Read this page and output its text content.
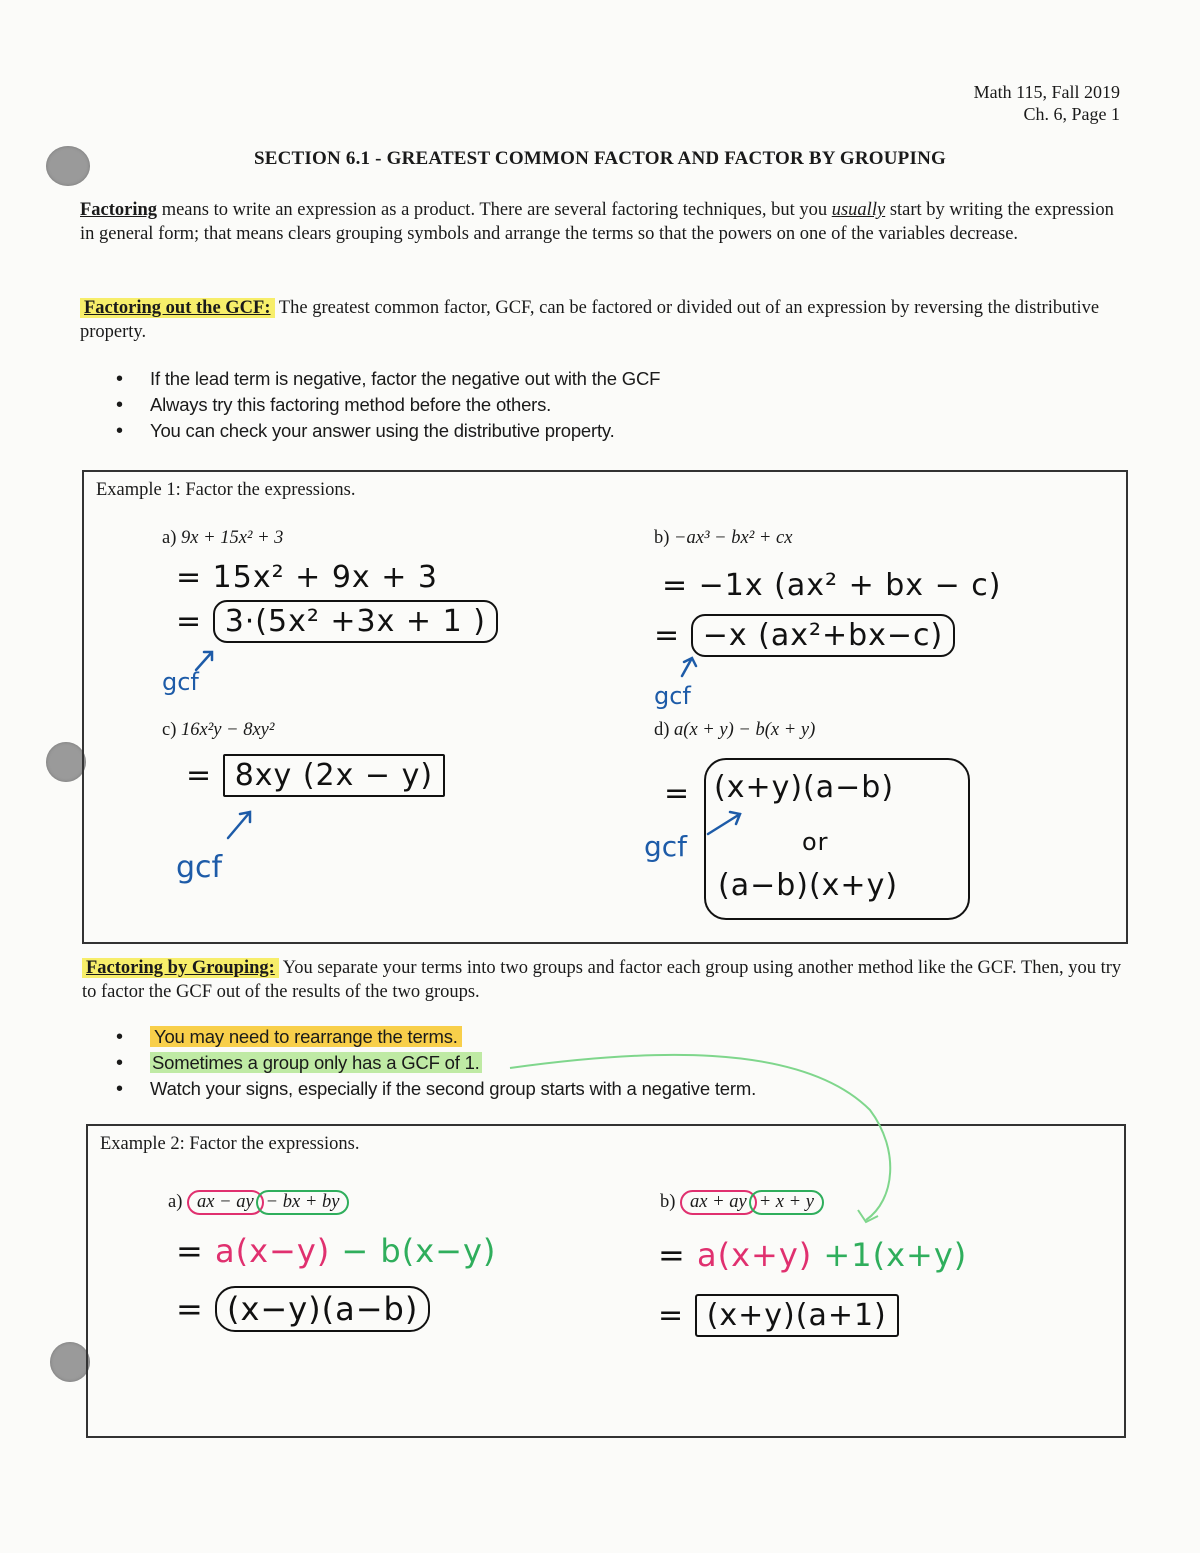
Math 115, Fall 2019
Ch. 6, Page 1
SECTION 6.1 - GREATEST COMMON FACTOR AND FACTOR BY GROUPING
Factoring means to write an expression as a product. There are several factoring techniques, but you usually start by writing the expression in general form; that means clears grouping symbols and arrange the terms so that the powers on one of the variables decrease.
Factoring out the GCF: The greatest common factor, GCF, can be factored or divided out of an expression by reversing the distributive property.
• If the lead term is negative, factor the negative out with the GCF
• Always try this factoring method before the others.
• You can check your answer using the distributive property.
Example 1: Factor the expressions.
a) 9x + 15x² + 3
= 15x² + 9x + 3
= 3·(5x² +3x + 1 )
gcf
b) −ax³ − bx² + cx
= −1x (ax² + bx − c)
= −x (ax²+bx−c)
gcf
c) 16x²y − 8xy²
= 8xy (2x − y)
gcf
d) a(x + y) − b(x + y)
= (x+y)(a−b)
or
(a−b)(x+y)
gcf
Factoring by Grouping: You separate your terms into two groups and factor each group using another method like the GCF. Then, you try to factor the GCF out of the results of the two groups.
• You may need to rearrange the terms.
• Sometimes a group only has a GCF of 1.
• Watch your signs, especially if the second group starts with a negative term.
Example 2: Factor the expressions.
a) ax − ay − bx + by
= a(x−y) − b(x−y)
= (x−y)(a−b)
b) ax + ay + x + y
= a(x+y) +1(x+y)
= (x+y)(a+1)
